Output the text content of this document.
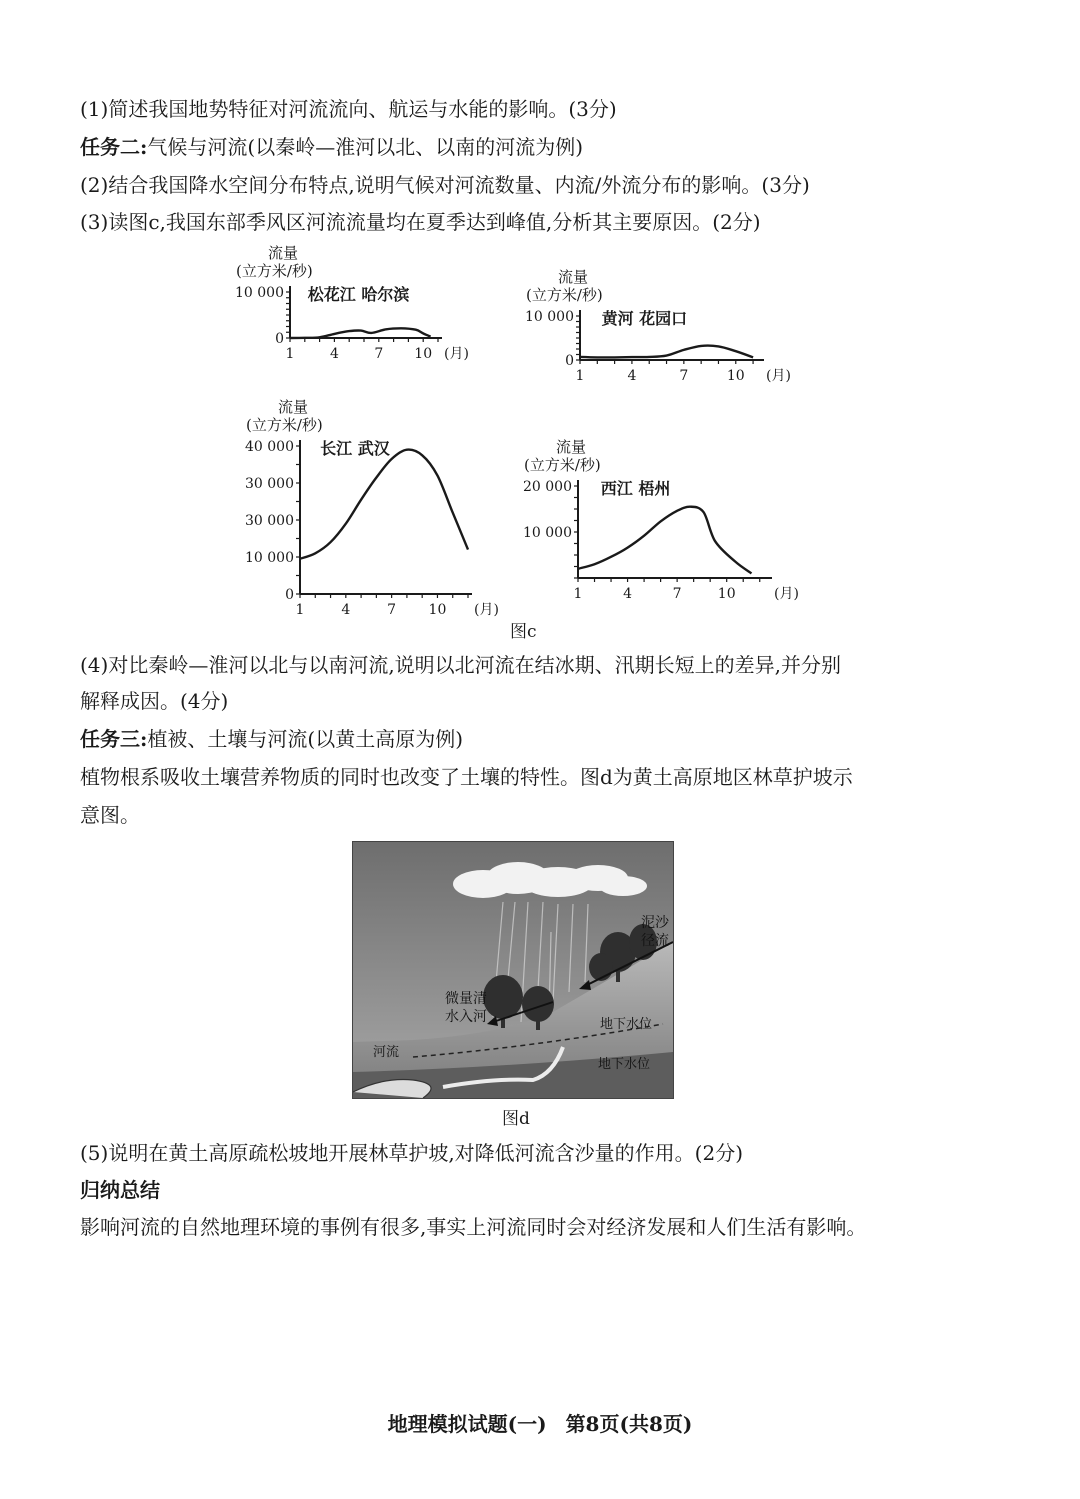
(1)简述我国地势特征对河流流向、航运与水能的影响。(3分)
任务二:气候与河流(以秦岭—淮河以北、以南的河流为例)
(2)结合我国降水空间分布特点,说明气候对河流数量、内流/外流分布的影响。(3分)
(3)读图c,我国东部季风区河流流量均在夏季达到峰值,分析其主要原因。(2分)
流量
(立方米/秒)
松花江 哈尔滨
10 000
0
1	4	7 10 (月)
流量
(立方米/秒)
黄河 花园口
10 000
0
1	4	7	10 (月)
流量
(立方米/秒)
长江 武汉
40 000
30 000
30 000
10 000
0
1	4	7 10 (月)
流量
(立方米/秒)
西江 梧州
20 000
10 000
1	4	7	10	(月)
图c
(4)对比秦岭—淮河以北与以南河流,说明以北河流在结冰期、汛期长短上的差异,并分别
解释成因。(4分)
任务三:植被、土壤与河流(以黄土高原为例)
植物根系吸收土壤营养物质的同时也改变了土壤的特性。图d为黄土高原地区林草护坡示
意图。
泥沙
径流
微量清
水入河	地下水位
地下水位
河流
图d
(5)说明在黄土高原疏松坡地开展林草护坡,对降低河流含沙量的作用。(2分)
归纳总结
影响河流的自然地理环境的事例有很多,事实上河流同时会对经济发展和人们生活有影响。
地理模拟试题(一) 第8页(共8页)
